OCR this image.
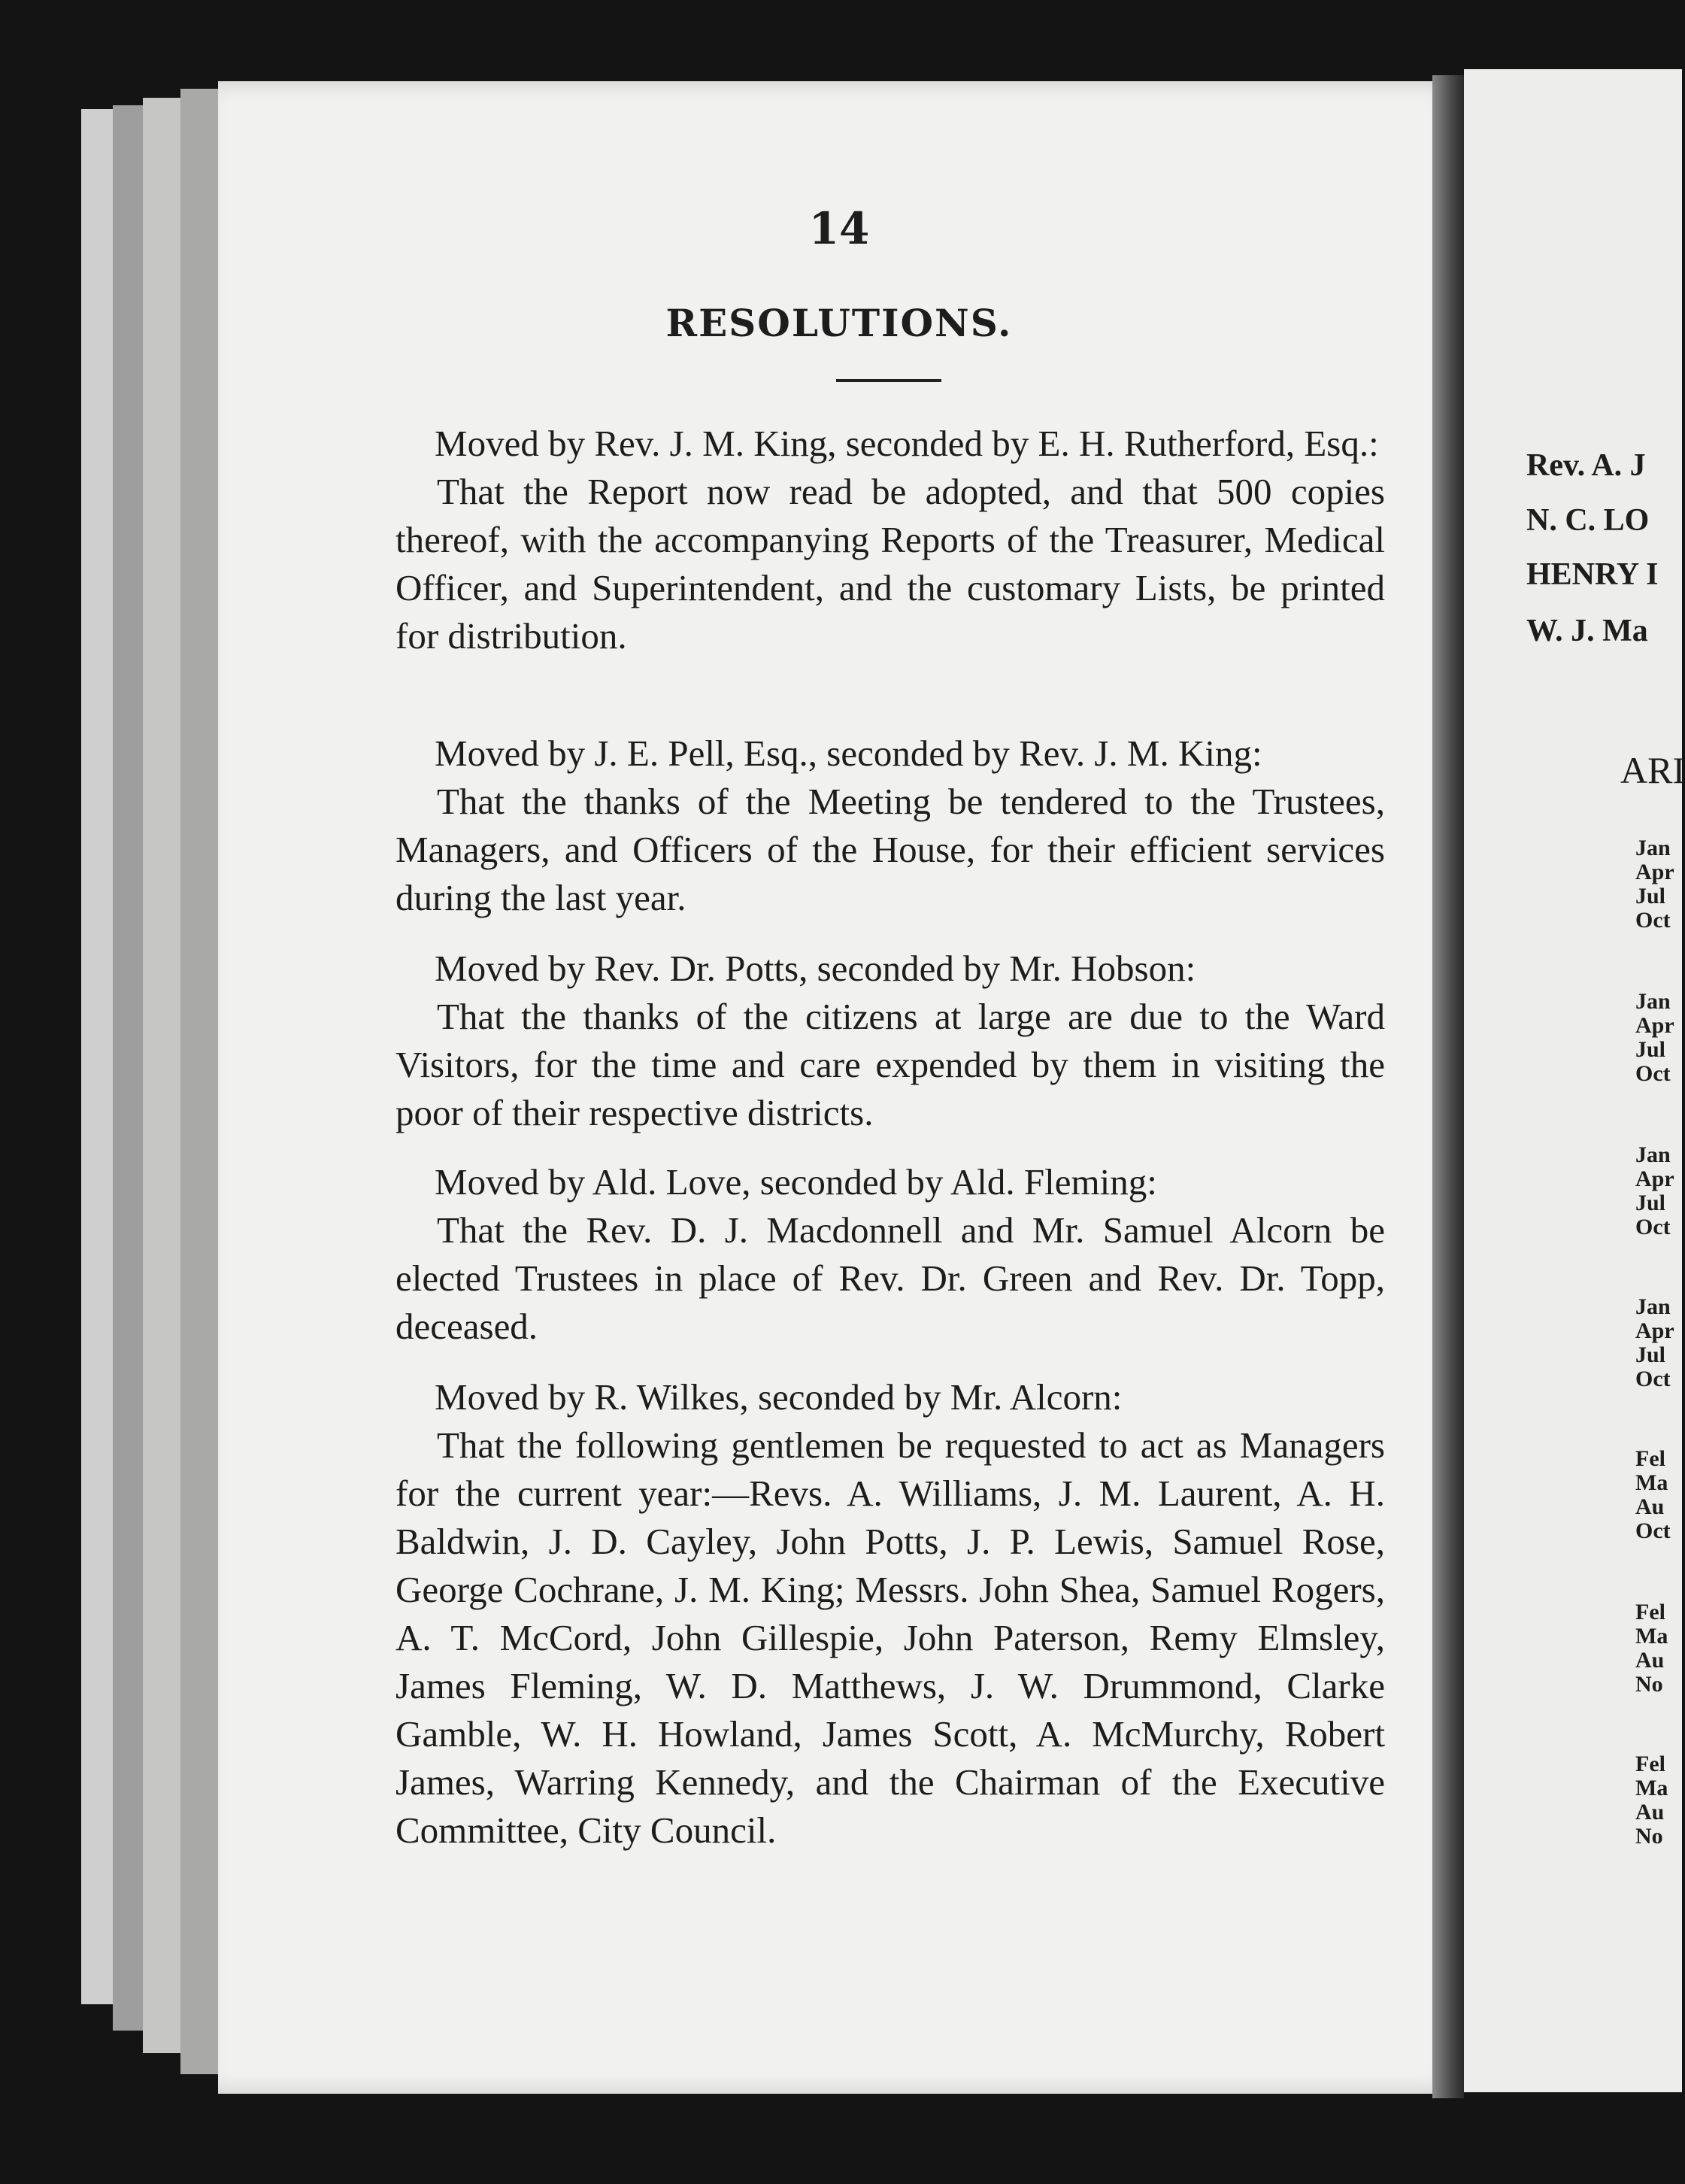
14
RESOLUTIONS.

Moved by Rev. J. M. King, seconded by E. H. Rutherford, Esq.:

That the Report now read be adopted, and that 500 copies thereof, with the accompanying Reports of the Treasurer, Medical Officer, and Superintendent, and the customary Lists, be printed for distribution.

Moved by J. E. Pell, Esq., seconded by Rev. J. M. King:

That the thanks of the Meeting be tendered to the Trustees, Managers, and Officers of the House, for their efficient services during the last year.

Moved by Rev. Dr. Potts, seconded by Mr. Hobson:

That the thanks of the citizens at large are due to the Ward Visitors, for the time and care expended by them in visiting the poor of their respective districts.

Moved by Ald. Love, seconded by Ald. Fleming:

That the Rev. D. J. Macdonnell and Mr. Samuel Alcorn be elected Trustees in place of Rev. Dr. Green and Rev. Dr. Topp, deceased.

Moved by R. Wilkes, seconded by Mr. Alcorn:

That the following gentlemen be requested to act as Managers for the current year:—Revs. A. Williams, J. M. Laurent, A. H. Baldwin, J. D. Cayley, John Potts, J. P. Lewis, Samuel Rose, George Cochrane, J. M. King; Messrs. John Shea, Samuel Rogers, A. T. McCord, John Gillespie, John Paterson, Remy Elmsley, James Fleming, W. D. Matthews, J. W. Drummond, Clarke Gamble, W. H. Howland, James Scott, A. McMurchy, Robert James, Warring Kennedy, and the Chairman of the Executive Committee, City Council.

Rev. A. J
N. C. LO
HENRY I
W. J. Ma
ARI
Jan
Apr
Jul
Oct
Jan
Apr
Jul
Oct
Jan
Apr
Jul
Oct
Jan
Apr
Jul
Oct
Fel
Ma
Au
Oct
Fel
Ma
Au
No
Fel
Ma
Au
No
